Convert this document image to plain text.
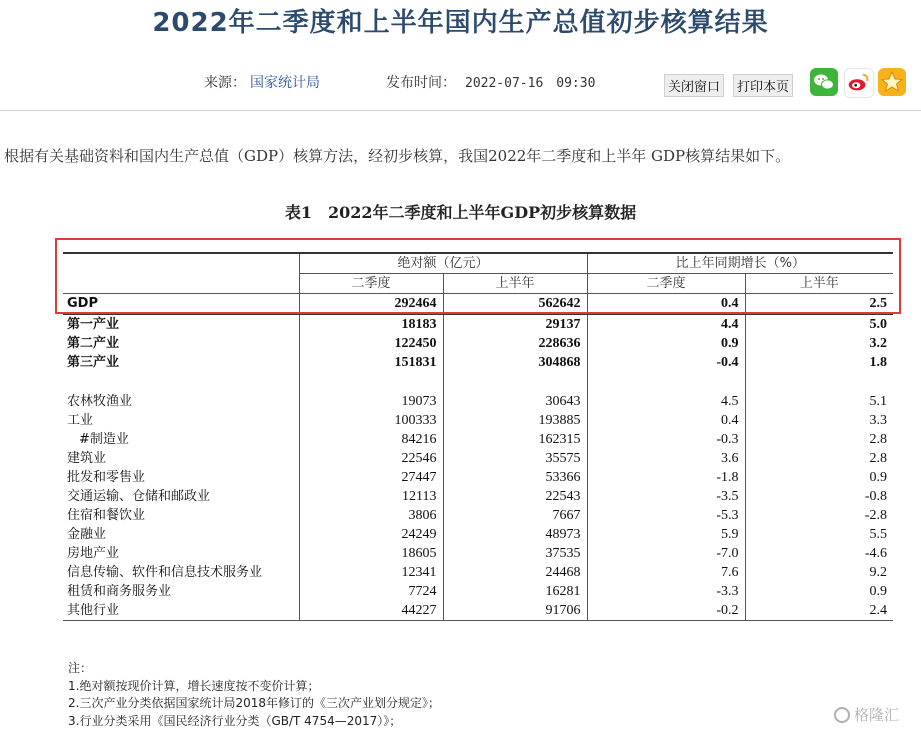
2022年二季度和上半年国内生产总值初步核算结果
来源： 国家统计局	发布时间： 2022-07-16　09:30	关闭窗口	打印本页
根据有关基础资料和国内生产总值（GDP）核算方法，经初步核算，我国2022年二季度和上半年 GDP核算结果如下。
表1　2022年二季度和上半年GDP初步核算数据
	绝对额（亿元）		比上年同期增长（%）	
	二季度	上半年	二季度	上半年
GDP	292464	562642	0.4	2.5
第一产业	18183	29137	4.4	5.0
第二产业	122450	228636	0.9	3.2
第三产业	151831	304868	-0.4	1.8

农林牧渔业	19073	30643	4.5	5.1
工业	100333	193885	0.4	3.3
#制造业	84216	162315	-0.3	2.8
建筑业	22546	35575	3.6	2.8
批发和零售业	27447	53366	-1.8	0.9
交通运输、仓储和邮政业	12113	22543	-3.5	-0.8
住宿和餐饮业	3806	7667	-5.3	-2.8
金融业	24249	48973	5.9	5.5
房地产业	18605	37535	-7.0	-4.6
信息传输、软件和信息技术服务业	12341	24468	7.6	9.2
租赁和商务服务业	7724	16281	-3.3	0.9
其他行业	44227	91706	-0.2	2.4
注：
1.绝对额按现价计算，增长速度按不变价计算；
2.三次产业分类依据国家统计局2018年修订的《三次产业划分规定》；
3.行业分类采用《国民经济行业分类（GB/T 4754—2017）》；	格隆汇
